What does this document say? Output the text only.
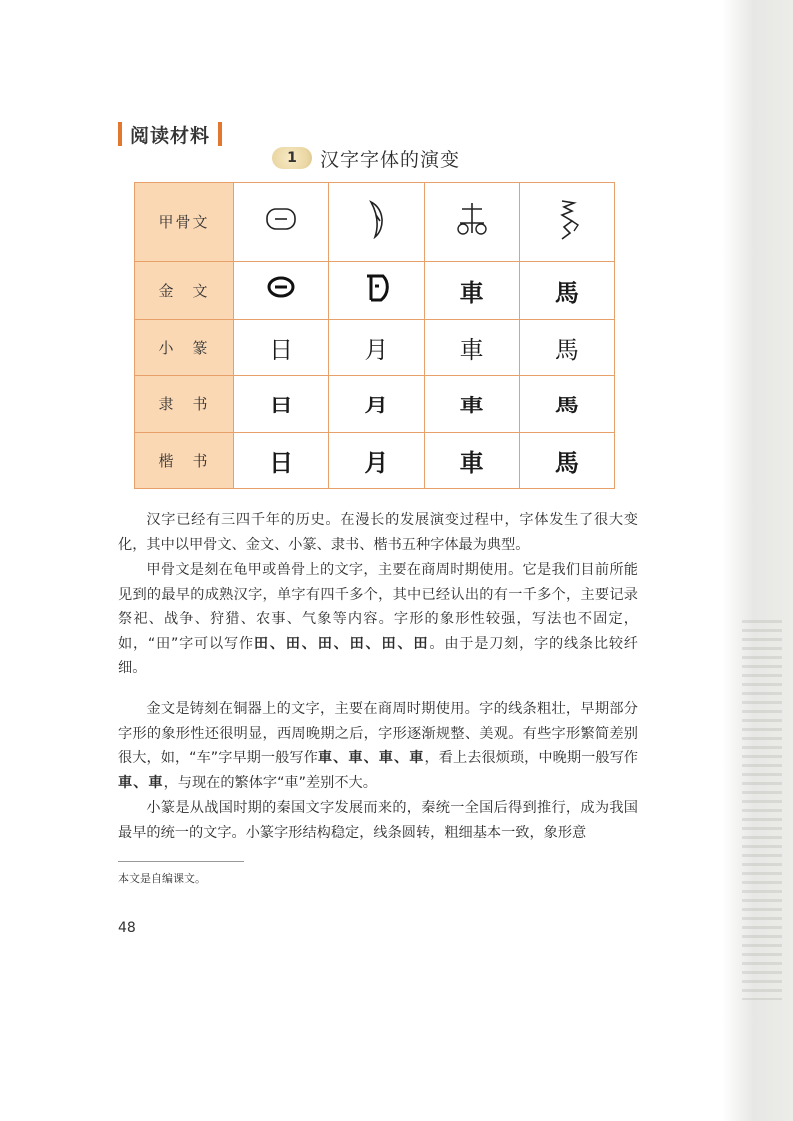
阅读材料
1	汉字字体的演变
甲骨文				
金　文			車	馬
小　篆	日	月	車	馬
隶　书	日	月	車	馬
楷　书	日	月	車	馬

汉字已经有三四千年的历史。在漫长的发展演变过程中，字体发生了很大变化，其中以甲骨文、金文、小篆、隶书、楷书五种字体最为典型。

甲骨文是刻在龟甲或兽骨上的文字，主要在商周时期使用。它是我们目前所能见到的最早的成熟汉字，单字有四千多个，其中已经认出的有一千多个，主要记录祭祀、战争、狩猎、农事、气象等内容。字形的象形性较强，写法也不固定，如，“田”字可以写作田、田、田、田、田、田。由于是刀刻，字的线条比较纤细。

金文是铸刻在铜器上的文字，主要在商周时期使用。字的线条粗壮，早期部分字形的象形性还很明显，西周晚期之后，字形逐渐规整、美观。有些字形繁简差别很大，如，“车”字早期一般写作車、車、車、車，看上去很烦琐，中晚期一般写作車、車，与现在的繁体字“車”差别不大。

小篆是从战国时期的秦国文字发展而来的，秦统一全国后得到推行，成为我国最早的统一的文字。小篆字形结构稳定，线条圆转，粗细基本一致，象形意

本文是自编课文。
48
